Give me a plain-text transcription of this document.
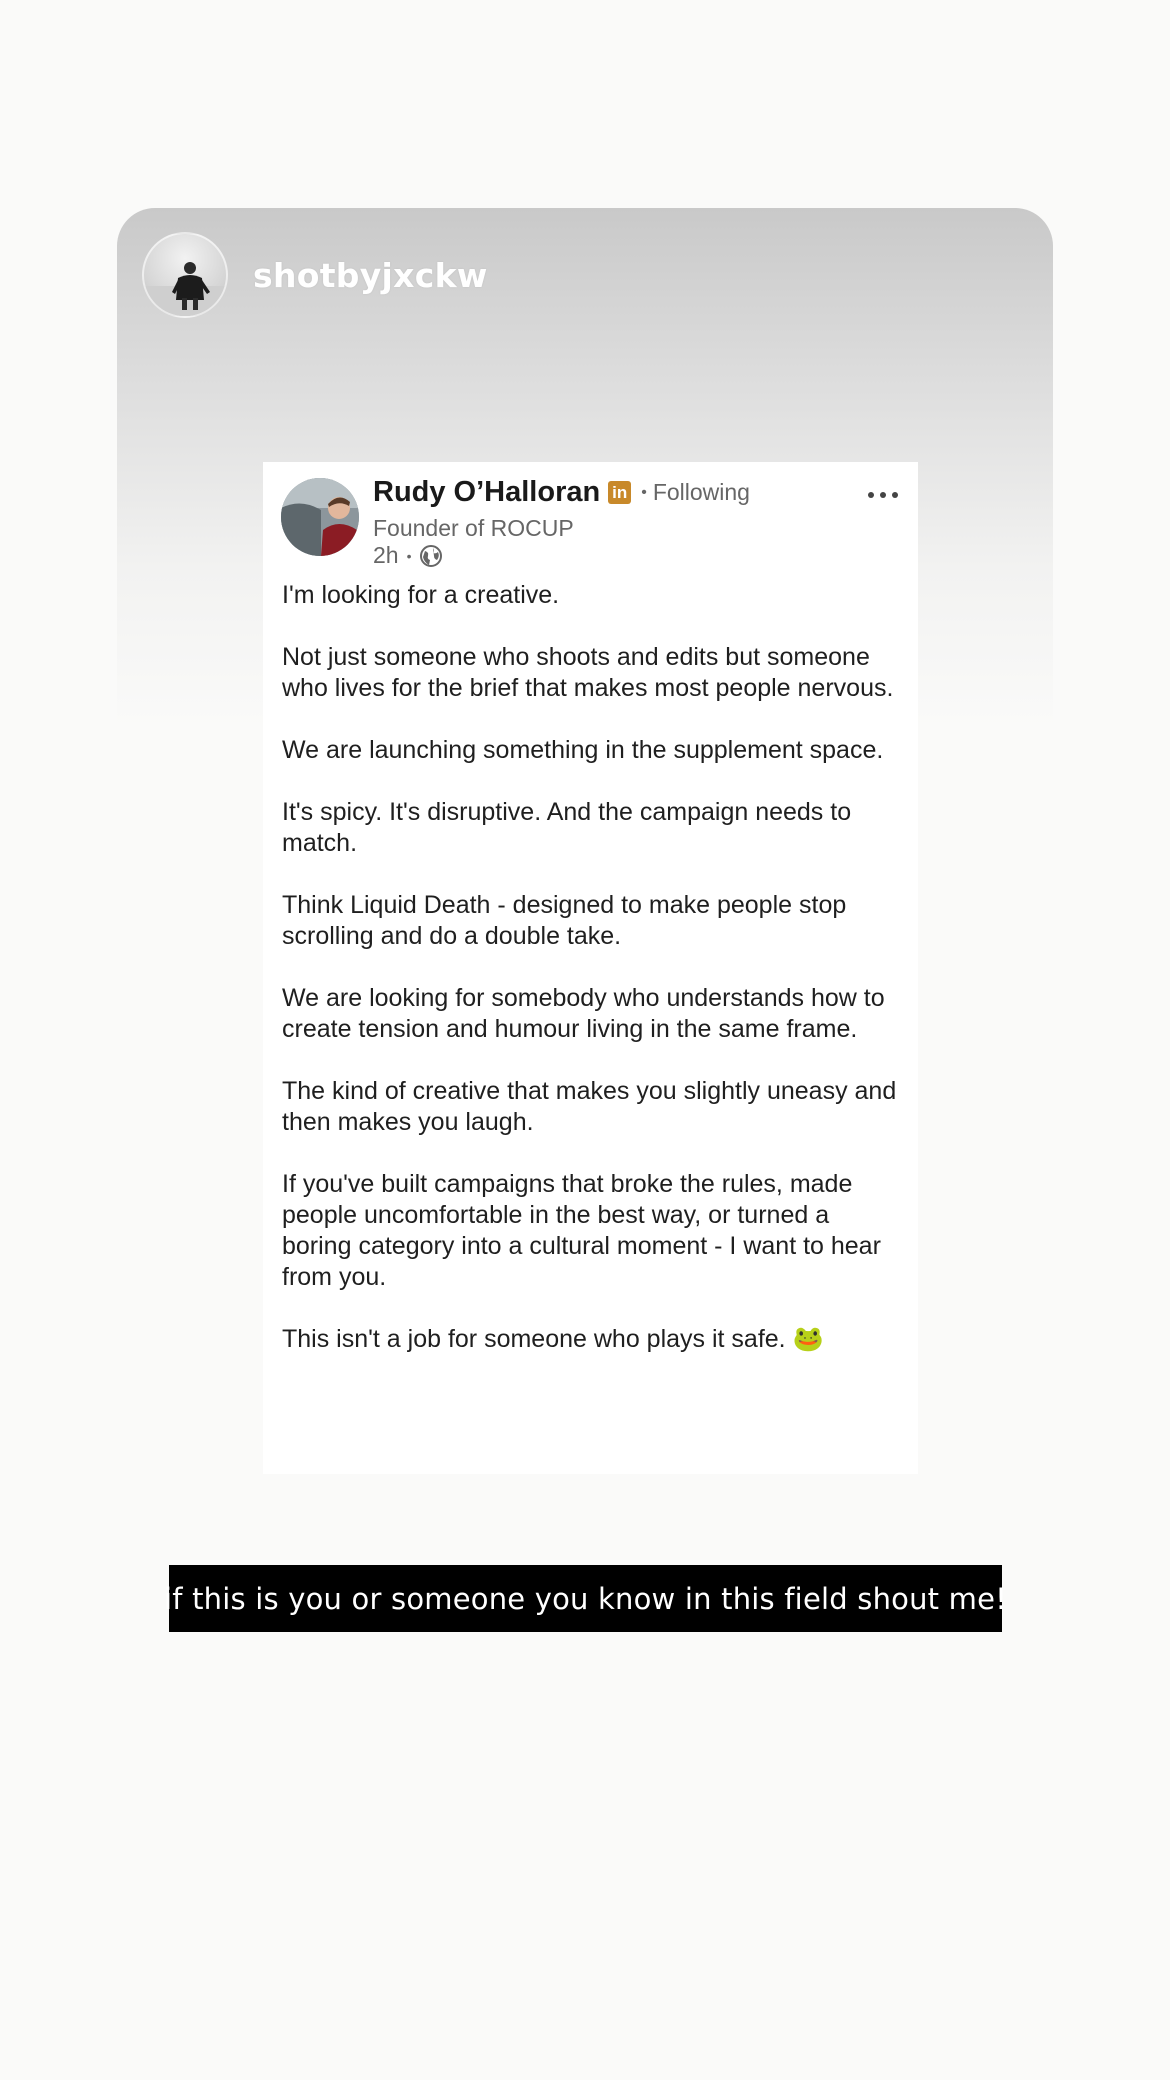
shotbyjxckw
Rudy O’Halloran in • Following
Founder of ROCUP
2h •

I'm looking for a creative.

Not just someone who shoots and edits but someone who lives for the brief that makes most people nervous.

We are launching something in the supplement space.

It's spicy. It's disruptive. And the campaign needs to match.

Think Liquid Death - designed to make people stop scrolling and do a double take.

We are looking for somebody who understands how to create tension and humour living in the same frame.

The kind of creative that makes you slightly uneasy and then makes you laugh.

If you've built campaigns that broke the rules, made people uncomfortable in the best way, or turned a boring category into a cultural moment - I want to hear from you.

This isn't a job for someone who plays it safe. 🐸

if this is you or someone you know in this field shout me!
